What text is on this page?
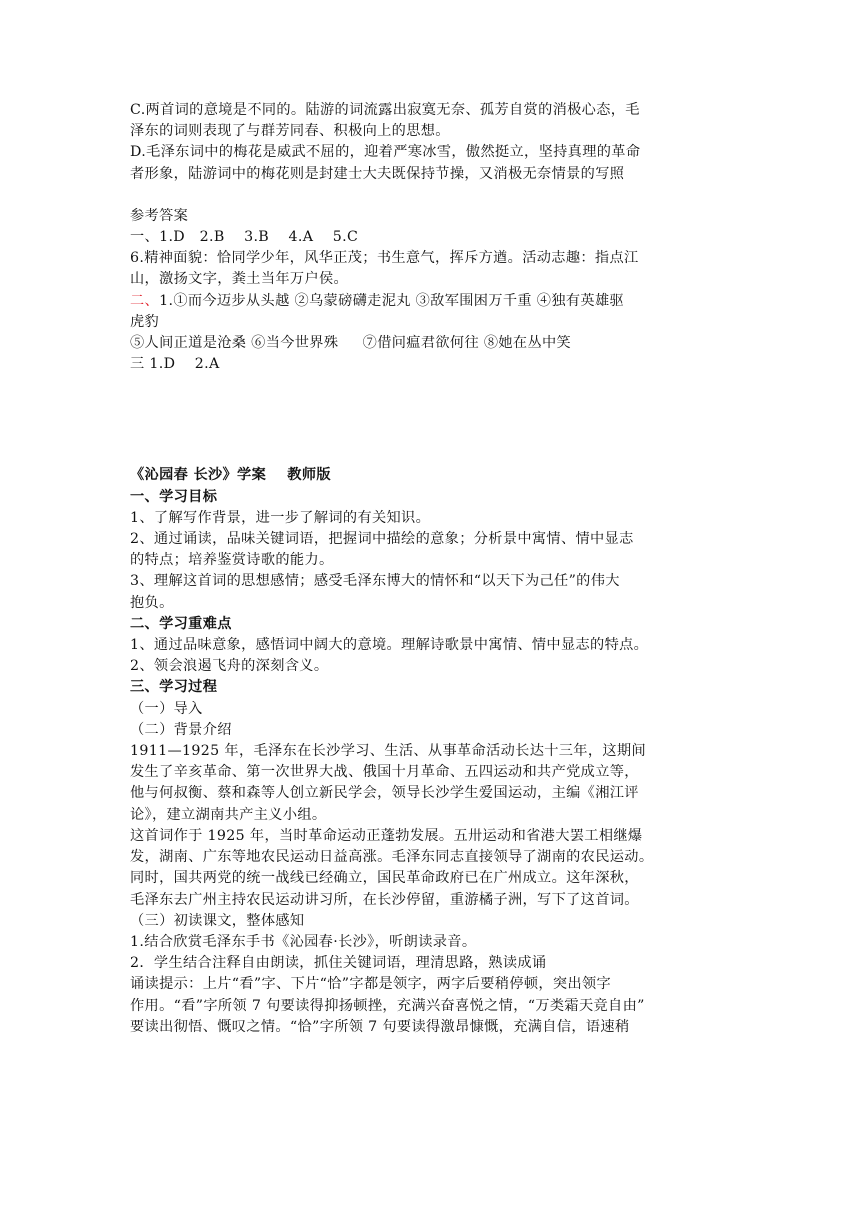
C.两首词的意境是不同的。陆游的词流露出寂寞无奈、孤芳自赏的消极心态，毛

泽东的词则表现了与群芳同春、积极向上的思想。

D.毛泽东词中的梅花是威武不屈的，迎着严寒冰雪，傲然挺立，坚持真理的革命

者形象，陆游词中的梅花则是封建士大夫既保持节操，又消极无奈情景的写照

参考答案

一、1.D   2.B    3.B    4.A    5.C

6.精神面貌：恰同学少年，风华正茂；书生意气，挥斥方遒。活动志趣：指点江

山，激扬文字，粪土当年万户侯。

二、1.①而今迈步从头越 ②乌蒙磅礴走泥丸 ③敌军围困万千重 ④独有英雄驱

虎豹

⑤人间正道是沧桑 ⑥当今世界殊     ⑦借问瘟君欲何往 ⑧她在丛中笑

三 1.D    2.A

《沁园春 长沙》学案    教师版

一、学习目标

1、了解写作背景，进一步了解词的有关知识。

2、通过诵读，品味关键词语，把握词中描绘的意象；分析景中寓情、情中显志

的特点；培养鉴赏诗歌的能力。

3、理解这首词的思想感情；感受毛泽东博大的情怀和“以天下为己任”的伟大

抱负。

二、学习重难点

1、通过品味意象，感悟词中阔大的意境。理解诗歌景中寓情、情中显志的特点。

2、领会浪遏飞舟的深刻含义。

三、学习过程

（一）导入

（二）背景介绍

1911—1925 年，毛泽东在长沙学习、生活、从事革命活动长达十三年，这期间

发生了辛亥革命、第一次世界大战、俄国十月革命、五四运动和共产党成立等，

他与何叔衡、蔡和森等人创立新民学会，领导长沙学生爱国运动，主编《湘江评

论》，建立湖南共产主义小组。

这首词作于 1925 年，当时革命运动正蓬勃发展。五卅运动和省港大罢工相继爆

发，湖南、广东等地农民运动日益高涨。毛泽东同志直接领导了湖南的农民运动。

同时，国共两党的统一战线已经确立，国民革命政府已在广州成立。这年深秋，

毛泽东去广州主持农民运动讲习所，在长沙停留，重游橘子洲，写下了这首词。

（三）初读课文，整体感知

1.结合欣赏毛泽东手书《沁园春·长沙》，听朗读录音。

2．学生结合注释自由朗读，抓住关键词语，理清思路，熟读成诵

诵读提示：上片“看”字、下片“恰”字都是领字，两字后要稍停顿，突出领字

作用。“看”字所领 7 句要读得抑扬顿挫，充满兴奋喜悦之情，“万类霜天竞自由”

要读出彻悟、慨叹之情。“恰”字所领 7 句要读得激昂慷慨，充满自信，语速稍
